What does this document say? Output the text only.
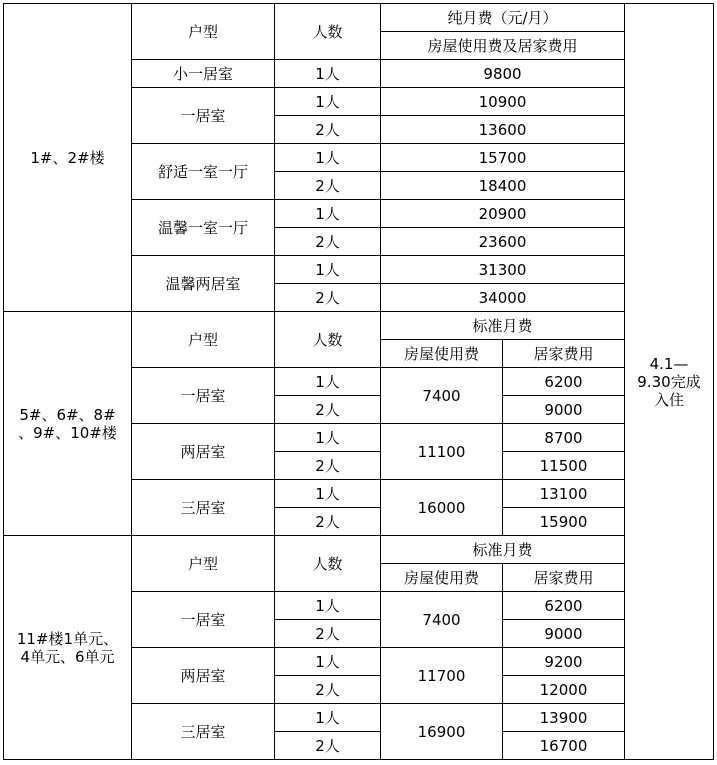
1#、2#楼	户型	人数	纯月费（元/月）		4.1—
9.30完成
入住

			房屋使用费及居家费用		
	小一居室	1人	9800		
	一居室	1人	10900		
		2人	13600		
	舒适一室一厅	1人	15700		
		2人	18400		
	温馨一室一厅	1人	20900		
		2人	23600		
	温馨两居室	1人	31300		
		2人	34000		

5#、6#、8#
、9#、10#楼	户型	人数	标准月费		
			房屋使用费	居家费用	
	一居室	1人	7400	6200	
		2人		9000	
	两居室	1人	11100	8700	
		2人		11500	
	三居室	1人	16000	13100	
		2人		15900	

11#楼1单元、
4单元、6单元	户型	人数	标准月费		
			房屋使用费	居家费用	
	一居室	1人	7400	6200	
		2人		9000	
	两居室	1人	11700	9200	
		2人		12000	
	三居室	1人	16900	13900	
		2人		16700	
